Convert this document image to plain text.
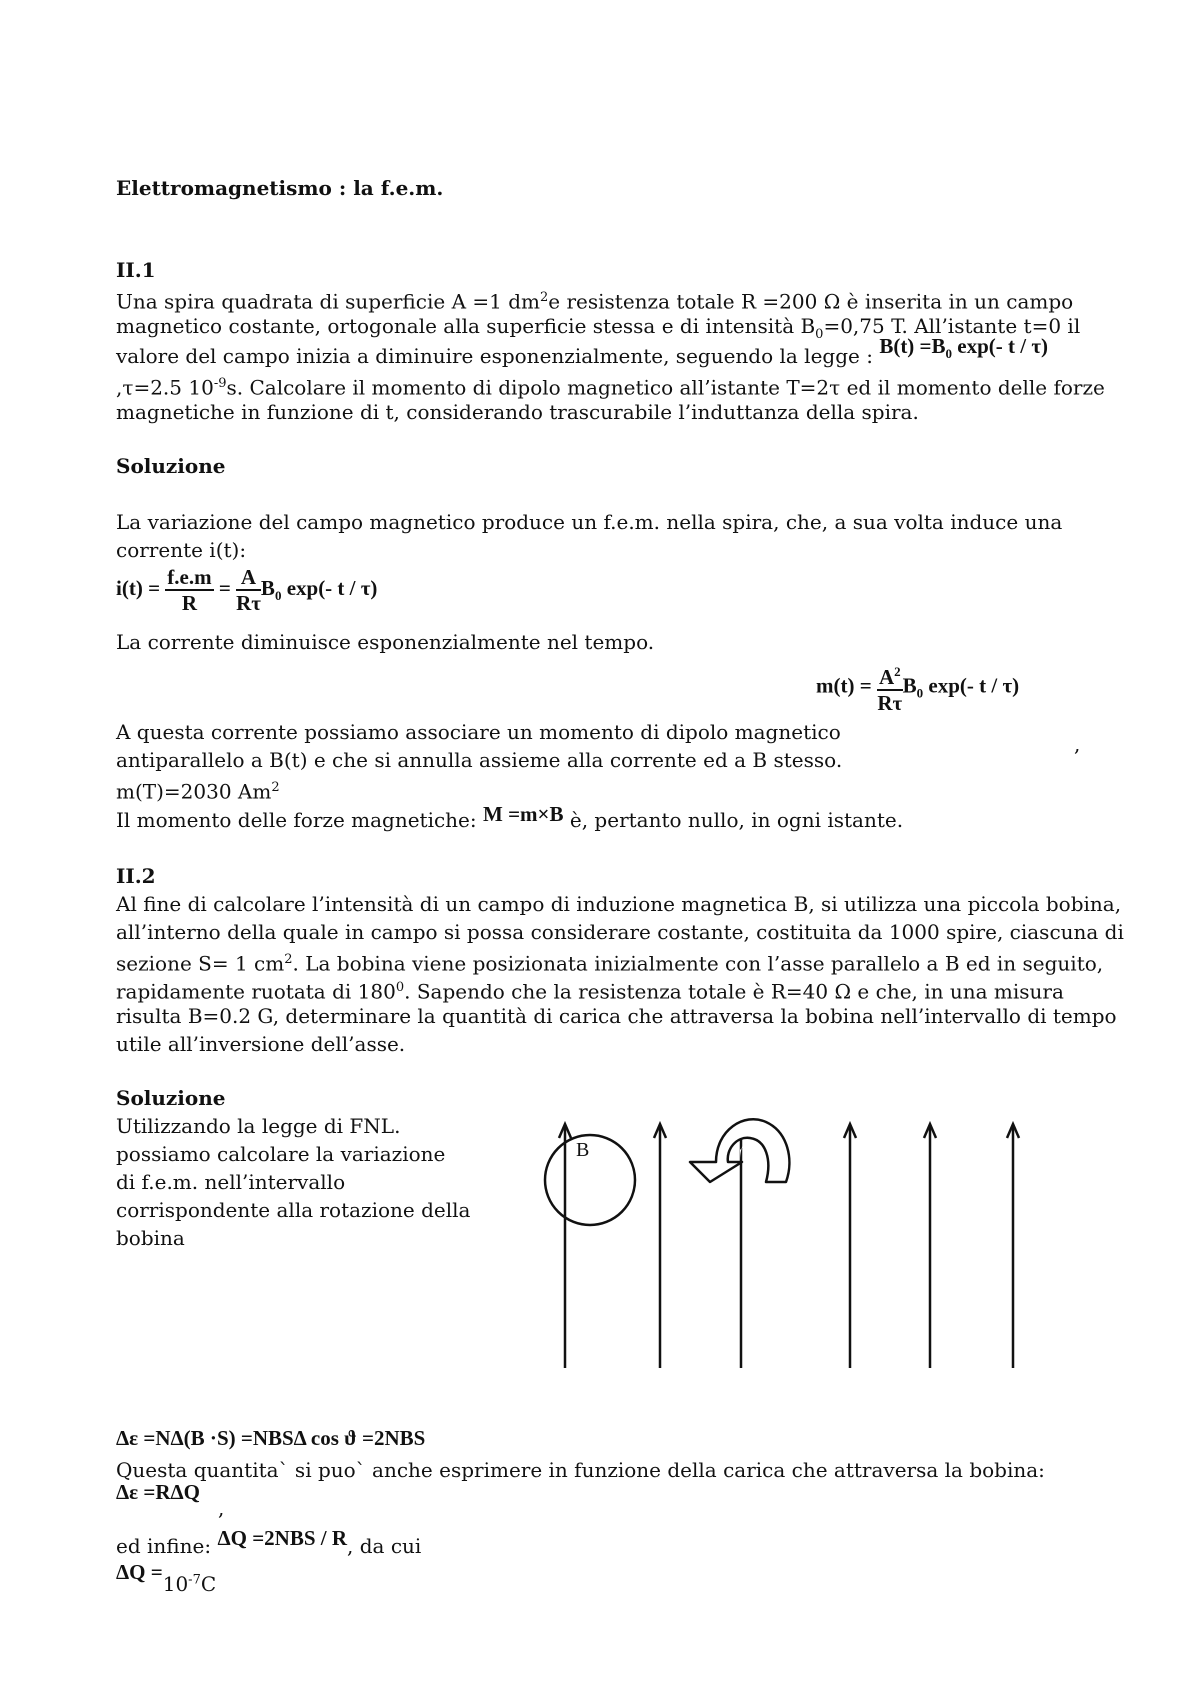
Elettromagnetismo : la f.e.m.

II.1

Una spira quadrata di superficie A =1 $dm^2e$ resistenza totale R =200 Ω è inserita in un campo

magnetico costante, ortogonale alla superficie stessa e di intensità $B_0=0,75$ T. All’istante t=0 il

valore del campo inizia a diminuire esponenzialmente, seguendo la legge : $B(t) =B_0$ exp(- t / τ)

,τ=2.5 $10^{-9}s$. Calcolare il momento di dipolo magnetico all’istante T=2τ ed il momento delle forze

magnetiche in funzione di t, considerando trascurabile l’induttanza della spira.

Soluzione

La variazione del campo magnetico produce un f.e.m. nella spira, che, a sua volta induce una

corrente i(t):

$i(t) = \frac{f.e.m}{R} = \frac{A}{R\tau} B_0$ exp(- t / τ)

La corrente diminuisce esponenzialmente nel tempo.

$m(t) = \frac{A^2}{R\tau} B_0$ exp(- t / τ)

A questa corrente possiamo associare un momento di dipolo magnetico	,

antiparallelo a B(t) e che si annulla assieme alla corrente ed a B stesso.

m(T)=2030 Am$^2$

Il momento delle forze magnetiche: M =m×B è, pertanto nullo, in ogni istante.

II.2

Al fine di calcolare l’intensità di un campo di induzione magnetica B, si utilizza una piccola bobina,

all’interno della quale in campo si possa considerare costante, costituita da 1000 spire, ciascuna di

sezione S= 1 $cm^2$. La bobina viene posizionata inizialmente con l’asse parallelo a B ed in seguito,

rapidamente ruotata di $180^0$. Sapendo che la resistenza totale è R=40 Ω e che, in una misura

risulta B=0.2 G, determinare la quantità di carica che attraversa la bobina nell’intervallo di tempo

utile all’inversione dell’asse.

Soluzione

Utilizzando la legge di FNL.

possiamo calcolare la variazione

di f.e.m. nell’intervallo

corrispondente alla rotazione della

bobina

B

Δε =NΔ(B ·S) =NBSΔ cos ϑ =2NBS

Questa quantita` si puo` anche esprimere in funzione della carica che attraversa la bobina:

Δε =RΔQ

,

ed infine: ΔQ =2NBS / R, da cui

$\Delta Q =10^{-7}C$
